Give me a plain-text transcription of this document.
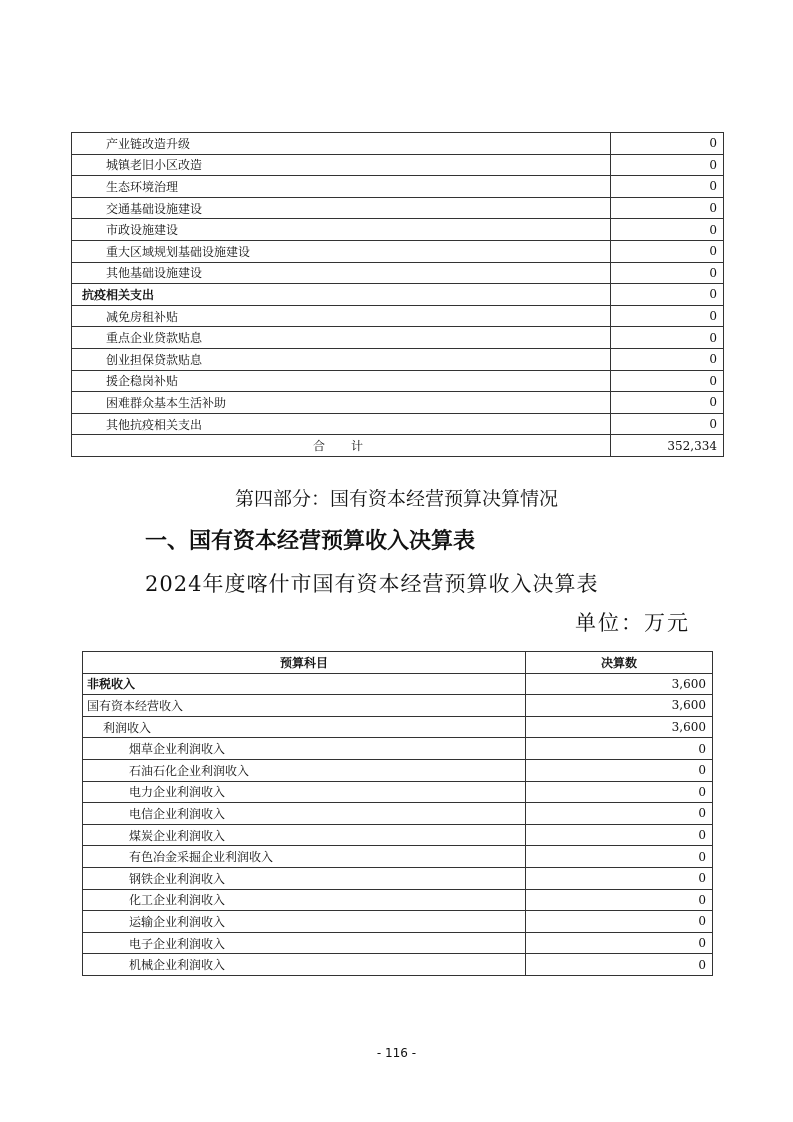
产业链改造升级	0
城镇老旧小区改造	0
生态环境治理	0
交通基础设施建设	0
市政设施建设	0
重大区域规划基础设施建设	0
其他基础设施建设	0
抗疫相关支出	0
减免房租补贴	0
重点企业贷款贴息	0
创业担保贷款贴息	0
援企稳岗补贴	0
困难群众基本生活补助	0
其他抗疫相关支出	0
合计	352,334
第四部分：国有资本经营预算决算情况
一、国有资本经营预算收入决算表
2024年度喀什市国有资本经营预算收入决算表
单位：万元
预算科目	决算数
非税收入	3,600
国有资本经营收入	3,600
利润收入	3,600
烟草企业利润收入	0
石油石化企业利润收入	0
电力企业利润收入	0
电信企业利润收入	0
煤炭企业利润收入	0
有色冶金采掘企业利润收入	0
钢铁企业利润收入	0
化工企业利润收入	0
运输企业利润收入	0
电子企业利润收入	0
机械企业利润收入	0
- 116 -
